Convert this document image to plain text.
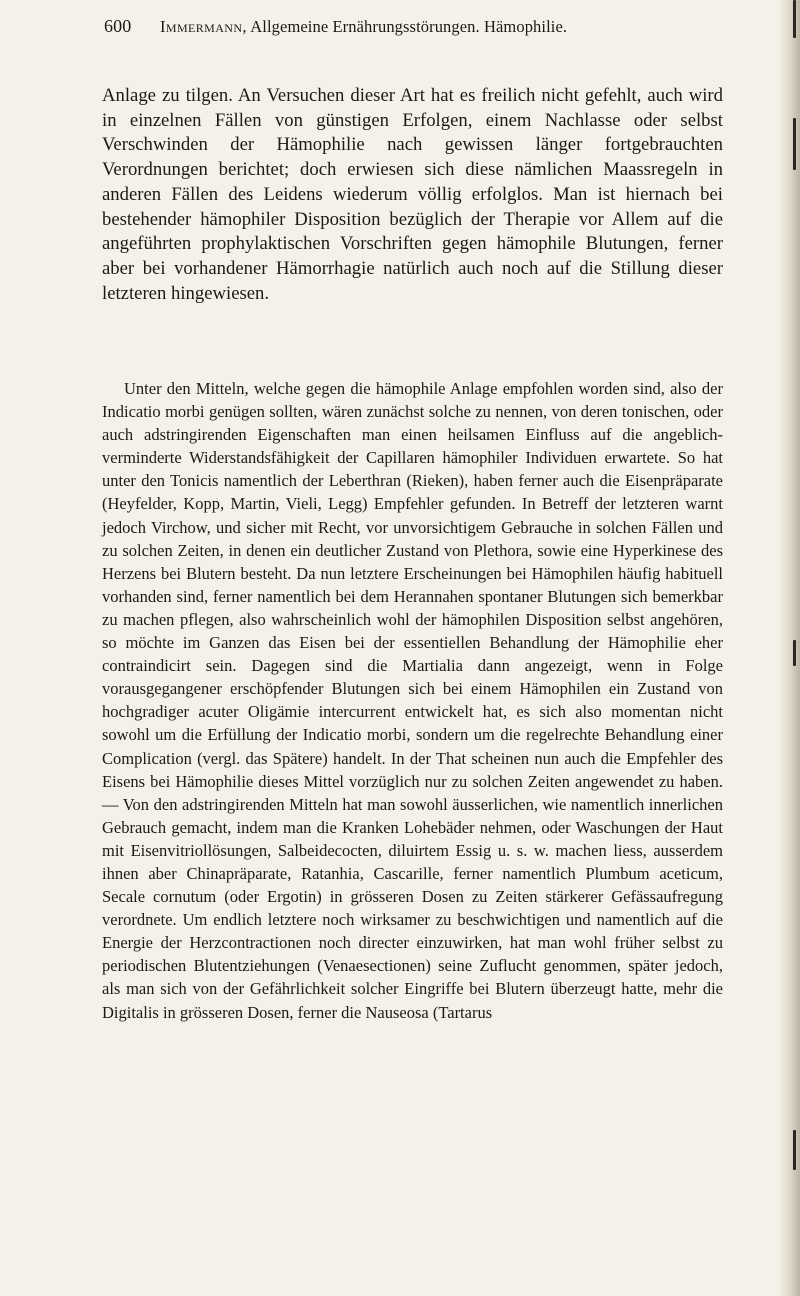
600 Immermann, Allgemeine Ernährungsstörungen. Hämophilie.

Anlage zu tilgen. An Versuchen dieser Art hat es freilich nicht gefehlt, auch wird in einzelnen Fällen von günstigen Erfolgen, einem Nachlasse oder selbst Verschwinden der Hämophilie nach gewissen länger fortgebrauchten Verordnungen berichtet; doch erwiesen sich diese nämlichen Maassregeln in anderen Fällen des Leidens wiederum völlig erfolglos. Man ist hiernach bei bestehender hämophiler Disposition bezüglich der Therapie vor Allem auf die angeführten prophylaktischen Vorschriften gegen hämophile Blutungen, ferner aber bei vorhandener Hämorrhagie natürlich auch noch auf die Stillung dieser letzteren hingewiesen.

Unter den Mitteln, welche gegen die hämophile Anlage empfohlen worden sind, also der Indicatio morbi genügen sollten, wären zunächst solche zu nennen, von deren tonischen, oder auch adstringirenden Eigenschaften man einen heilsamen Einfluss auf die angeblich-verminderte Widerstandsfähigkeit der Capillaren hämophiler Individuen erwartete. So hat unter den Tonicis namentlich der Leberthran (Rieken), haben ferner auch die Eisenpräparate (Heyfelder, Kopp, Martin, Vieli, Legg) Empfehler gefunden. In Betreff der letzteren warnt jedoch Virchow, und sicher mit Recht, vor unvorsichtigem Gebrauche in solchen Fällen und zu solchen Zeiten, in denen ein deutlicher Zustand von Plethora, sowie eine Hyperkinese des Herzens bei Blutern besteht. Da nun letztere Erscheinungen bei Hämophilen häufig habituell vorhanden sind, ferner namentlich bei dem Herannahen spontaner Blutungen sich bemerkbar zu machen pflegen, also wahrscheinlich wohl der hämophilen Disposition selbst angehören, so möchte im Ganzen das Eisen bei der essentiellen Behandlung der Hämophilie eher contraindicirt sein. Dagegen sind die Martialia dann angezeigt, wenn in Folge vorausgegangener erschöpfender Blutungen sich bei einem Hämophilen ein Zustand von hochgradiger acuter Oligämie intercurrent entwickelt hat, es sich also momentan nicht sowohl um die Erfüllung der Indicatio morbi, sondern um die regelrechte Behandlung einer Complication (vergl. das Spätere) handelt. In der That scheinen nun auch die Empfehler des Eisens bei Hämophilie dieses Mittel vorzüglich nur zu solchen Zeiten angewendet zu haben. — Von den adstringirenden Mitteln hat man sowohl äusserlichen, wie namentlich innerlichen Gebrauch gemacht, indem man die Kranken Lohebäder nehmen, oder Waschungen der Haut mit Eisenvitriollösungen, Salbeidecocten, diluirtem Essig u. s. w. machen liess, ausserdem ihnen aber Chinapräparate, Ratanhia, Cascarille, ferner namentlich Plumbum aceticum, Secale cornutum (oder Ergotin) in grösseren Dosen zu Zeiten stärkerer Gefässaufregung verordnete. Um endlich letztere noch wirksamer zu beschwichtigen und namentlich auf die Energie der Herzcontractionen noch directer einzuwirken, hat man wohl früher selbst zu periodischen Blutentziehungen (Venaesectionen) seine Zuflucht genommen, später jedoch, als man sich von der Gefährlichkeit solcher Eingriffe bei Blutern überzeugt hatte, mehr die Digitalis in grösseren Dosen, ferner die Nauseosa (Tartarus
